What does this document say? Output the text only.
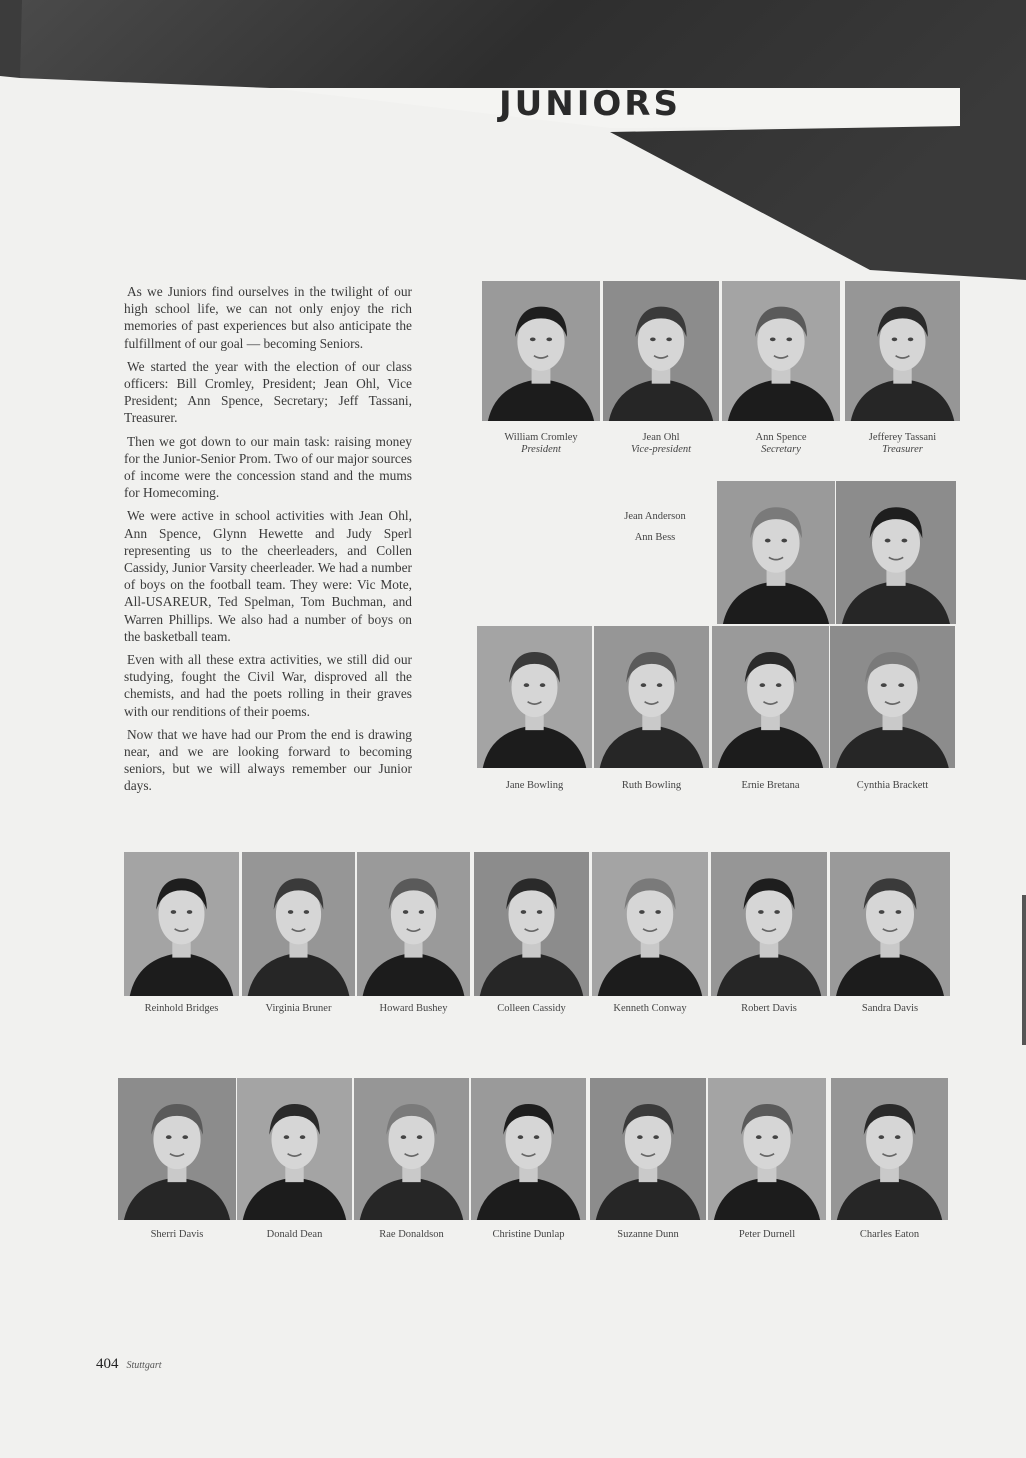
JUNIORS

As we Juniors find ourselves in the twilight of our high school life, we can not only enjoy the rich memories of past experiences but also anticipate the fulfillment of our goal — becoming Seniors.

We started the year with the election of our class officers: Bill Cromley, President; Jean Ohl, Vice President; Ann Spence, Secretary; Jeff Tassani, Treasurer.

Then we got down to our main task: raising money for the Junior-Senior Prom. Two of our major sources of income were the concession stand and the mums for Homecoming.

We were active in school activities with Jean Ohl, Ann Spence, Glynn Hewette and Judy Sperl representing us to the cheerleaders, and Collen Cassidy, Junior Varsity cheerleader. We had a number of boys on the football team. They were: Vic Mote, All-USAREUR, Ted Spelman, Tom Buchman, and Warren Phillips. We also had a number of boys on the basketball team.

Even with all these extra activities, we still did our studying, fought the Civil War, disproved all the chemists, and had the poets rolling in their graves with our renditions of their poems.

Now that we have had our Prom the end is drawing near, and we are looking forward to becoming seniors, but we will always remember our Junior days.

Jean Anderson
Ann Bess
William Cromley
President
Jean Ohl
Vice-president
Ann Spence
Secretary
Jefferey Tassani
Treasurer
Jane Bowling	Ruth Bowling	Ernie Bretana	Cynthia Brackett
Reinhold Bridges	Virginia Bruner	Howard Bushey	Colleen Cassidy	Kenneth Conway	Robert Davis	Sandra Davis
Sherri Davis	Donald Dean	Rae Donaldson	Christine Dunlap	Suzanne Dunn	Peter Durnell	Charles Eaton
404 Stuttgart
